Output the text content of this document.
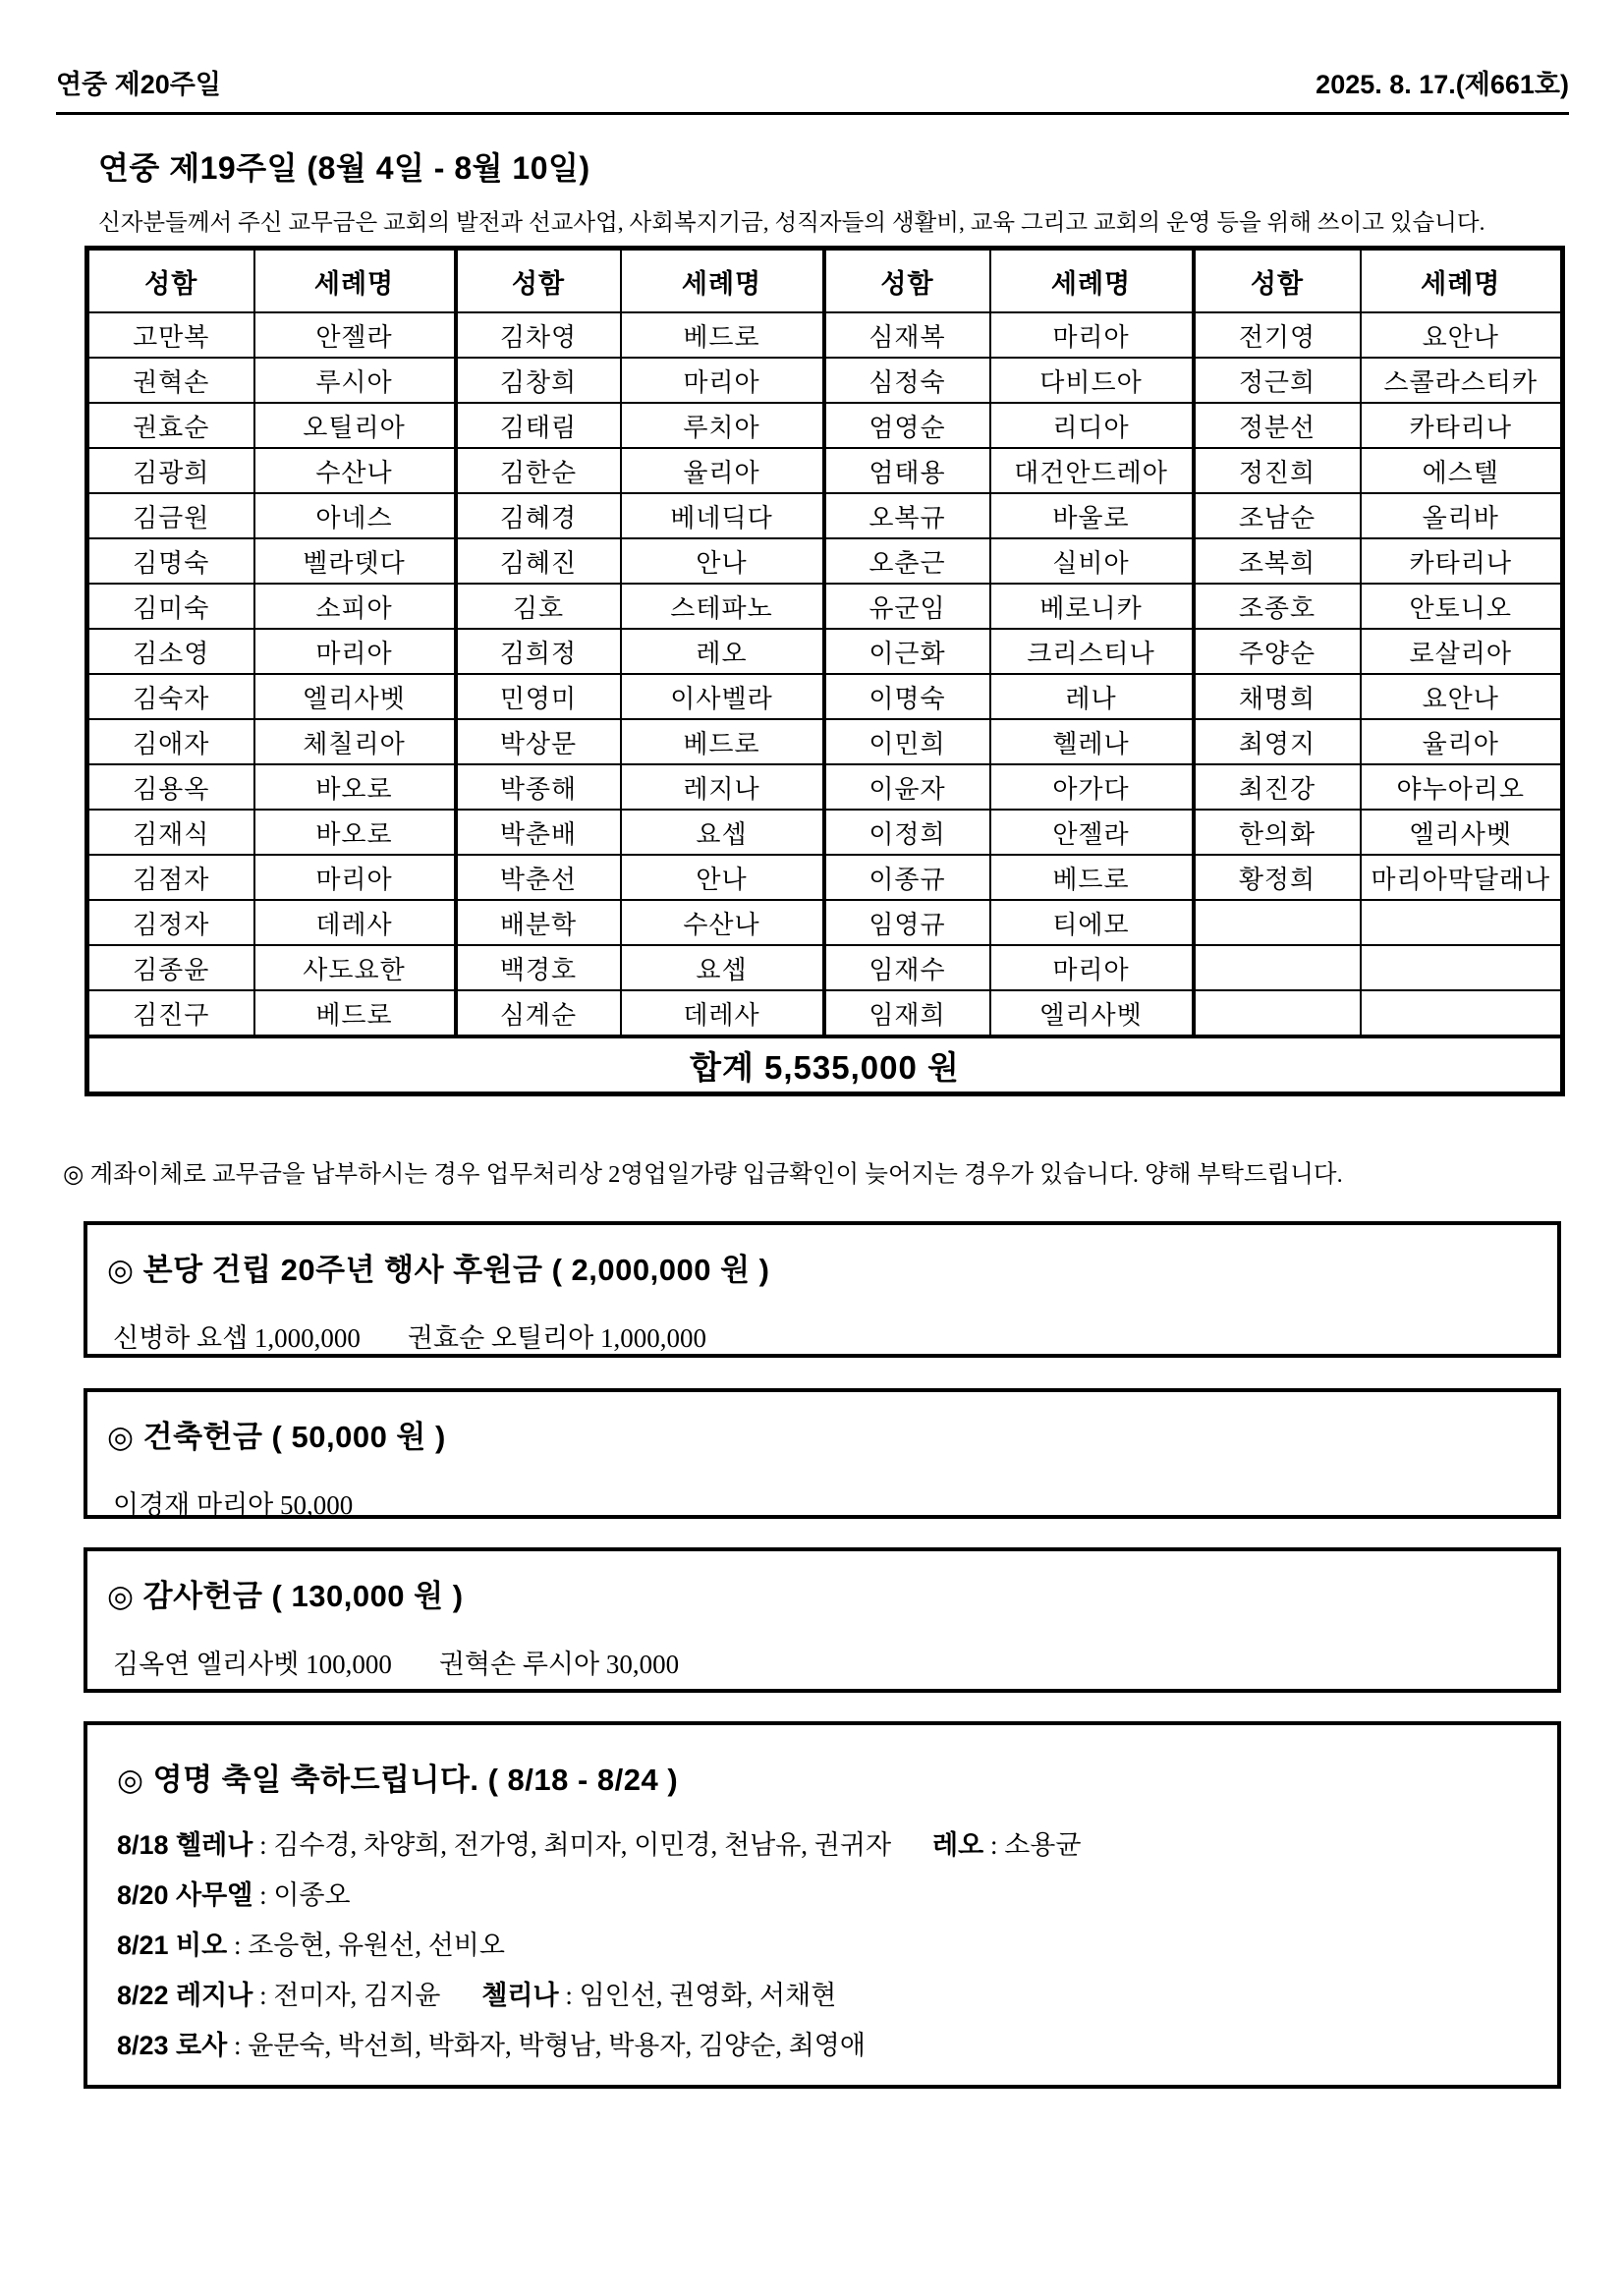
연중 제20주일	2025. 8. 17.(제661호)
연중 제19주일 (8월 4일 - 8월 10일)
신자분들께서 주신 교무금은 교회의 발전과 선교사업, 사회복지기금, 성직자들의 생활비, 교육 그리고 교회의 운영 등을 위해 쓰이고 있습니다.
성함	세례명	성함	세례명	성함	세례명	성함	세례명
고만복	안젤라	김차영	베드로	심재복	마리아	전기영	요안나
권혁손	루시아	김창희	마리아	심정숙	다비드아	정근희	스콜라스티카
권효순	오틸리아	김태림	루치아	엄영순	리디아	정분선	카타리나
김광희	수산나	김한순	율리아	엄태용	대건안드레아	정진희	에스텔
김금원	아네스	김혜경	베네딕다	오복규	바울로	조남순	올리바
김명숙	벨라뎃다	김혜진	안나	오춘근	실비아	조복희	카타리나
김미숙	소피아	김호	스테파노	유군임	베로니카	조종호	안토니오
김소영	마리아	김희정	레오	이근화	크리스티나	주양순	로살리아
김숙자	엘리사벳	민영미	이사벨라	이명숙	레나	채명희	요안나
김애자	체칠리아	박상문	베드로	이민희	헬레나	최영지	율리아
김용옥	바오로	박종해	레지나	이윤자	아가다	최진강	야누아리오
김재식	바오로	박춘배	요셉	이정희	안젤라	한의화	엘리사벳
김점자	마리아	박춘선	안나	이종규	베드로	황정희	마리아막달래나
김정자	데레사	배분학	수산나	임영규	티에모		
김종윤	사도요한	백경호	요셉	임재수	마리아		
김진구	베드로	심계순	데레사	임재희	엘리사벳		
합계 5,535,000 원							
◎ 계좌이체로 교무금을 납부하시는 경우 업무처리상 2영업일가량 입금확인이 늦어지는 경우가 있습니다. 양해 부탁드립니다.
◎ 본당 건립 20주년 행사 후원금 ( 2,000,000 원 )
신병하 요셉 1,000,000 권효순 오틸리아 1,000,000
◎ 건축헌금 ( 50,000 원 )
이경재 마리아 50,000
◎ 감사헌금 ( 130,000 원 )
김옥연 엘리사벳 100,000 권혁손 루시아 30,000
◎ 영명 축일 축하드립니다. ( 8/18 - 8/24 )
8/18 헬레나 : 김수경, 차양희, 전가영, 최미자, 이민경, 천남유, 권귀자 레오 : 소용균
8/20 사무엘 : 이종오
8/21 비오 : 조응현, 유원선, 선비오
8/22 레지나 : 전미자, 김지윤 첼리나 : 임인선, 권영화, 서채현
8/23 로사 : 윤문숙, 박선희, 박화자, 박형남, 박용자, 김양순, 최영애
